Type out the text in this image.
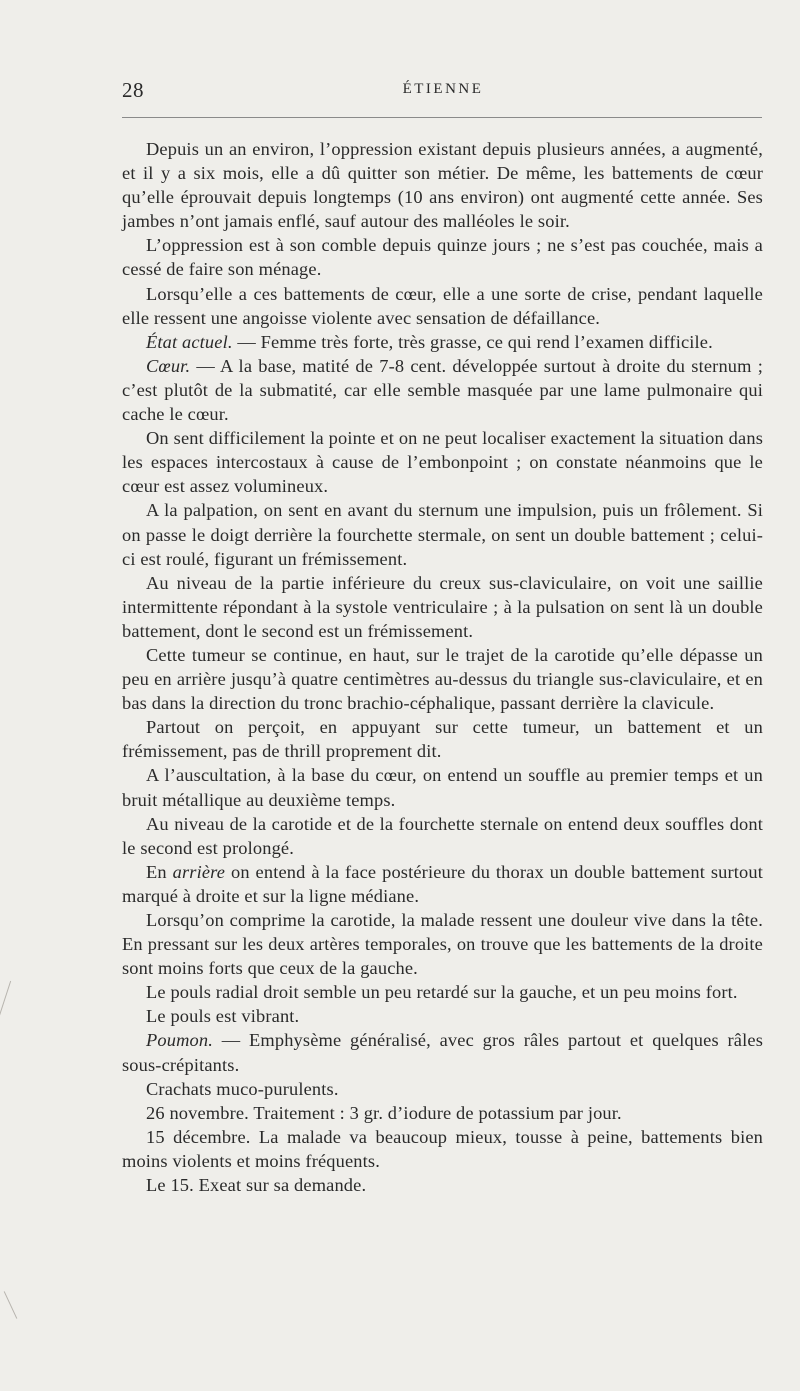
28	ÉTIENNE

Depuis un an environ, l’oppression existant depuis plusieurs années, a augmenté, et il y a six mois, elle a dû quitter son métier. De même, les battements de cœur qu’elle éprouvait depuis longtemps (10 ans environ) ont augmenté cette année. Ses jambes n’ont jamais enflé, sauf autour des malléoles le soir.

L’oppression est à son comble depuis quinze jours ; ne s’est pas couchée, mais a cessé de faire son ménage.

Lorsqu’elle a ces battements de cœur, elle a une sorte de crise, pendant laquelle elle ressent une angoisse violente avec sensation de défaillance.

État actuel. — Femme très forte, très grasse, ce qui rend l’examen difficile.

Cœur. — A la base, matité de 7-8 cent. développée surtout à droite du sternum ; c’est plutôt de la submatité, car elle semble masquée par une lame pulmonaire qui cache le cœur.

On sent difficilement la pointe et on ne peut localiser exactement la situation dans les espaces intercostaux à cause de l’embonpoint ; on constate néanmoins que le cœur est assez volumineux.

A la palpation, on sent en avant du sternum une impulsion, puis un frôlement. Si on passe le doigt derrière la fourchette stermale, on sent un double battement ; celui-ci est roulé, figurant un frémissement.

Au niveau de la partie inférieure du creux sus-claviculaire, on voit une saillie intermittente répondant à la systole ventriculaire ; à la pulsation on sent là un double battement, dont le second est un frémissement.

Cette tumeur se continue, en haut, sur le trajet de la carotide qu’elle dépasse un peu en arrière jusqu’à quatre centimètres au-dessus du triangle sus-claviculaire, et en bas dans la direction du tronc brachio-céphalique, passant derrière la clavicule.

Partout on perçoit, en appuyant sur cette tumeur, un battement et un frémissement, pas de thrill proprement dit.

A l’auscultation, à la base du cœur, on entend un souffle au premier temps et un bruit métallique au deuxième temps.

Au niveau de la carotide et de la fourchette sternale on entend deux souffles dont le second est prolongé.

En arrière on entend à la face postérieure du thorax un double battement surtout marqué à droite et sur la ligne médiane.

Lorsqu’on comprime la carotide, la malade ressent une douleur vive dans la tête. En pressant sur les deux artères temporales, on trouve que les battements de la droite sont moins forts que ceux de la gauche.

Le pouls radial droit semble un peu retardé sur la gauche, et un peu moins fort.

Le pouls est vibrant.

Poumon. — Emphysème généralisé, avec gros râles partout et quelques râles sous-crépitants.

Crachats muco-purulents.

26 novembre. Traitement : 3 gr. d’iodure de potassium par jour.

15 décembre. La malade va beaucoup mieux, tousse à peine, battements bien moins violents et moins fréquents.

Le 15. Exeat sur sa demande.
